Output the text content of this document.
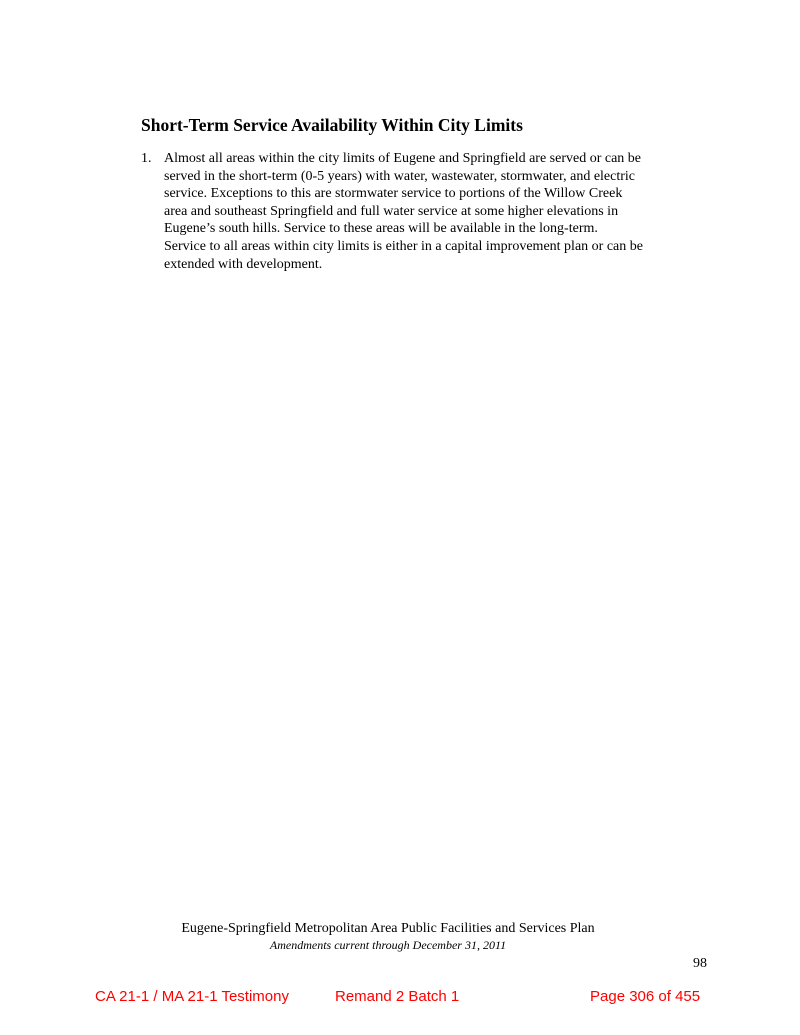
Short-Term Service Availability Within City Limits
1. Almost all areas within the city limits of Eugene and Springfield are served or can be
served in the short-term (0-5 years) with water, wastewater, stormwater, and electric
service. Exceptions to this are stormwater service to portions of the Willow Creek
area and southeast Springfield and full water service at some higher elevations in
Eugene’s south hills. Service to these areas will be available in the long-term.
Service to all areas within city limits is either in a capital improvement plan or can be
extended with development.
Eugene-Springfield Metropolitan Area Public Facilities and Services Plan
Amendments current through December 31, 2011
98
CA 21-1 / MA 21-1 Testimony	Remand 2 Batch 1	Page 306 of 455
